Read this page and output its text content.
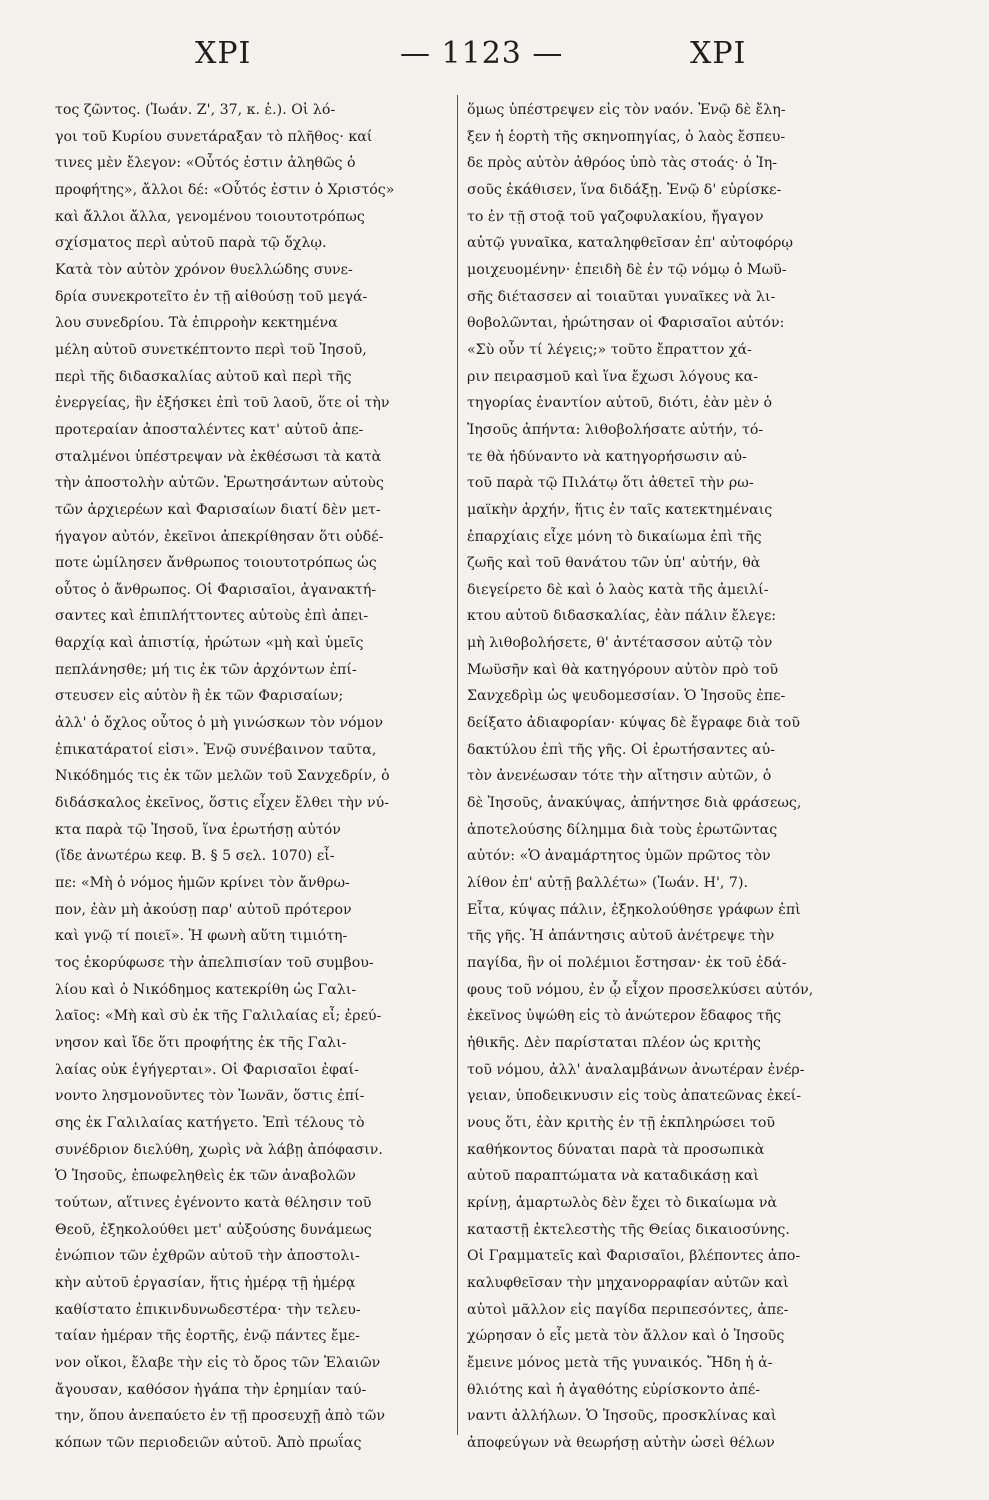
ΧΡΙ	— 1123 —	ΧΡΙ
τος ζῶντος. (Ἰωάν. Ζ', 37, κ. ἑ.). Οἱ λό-
γοι τοῦ Κυρίου συνετάραξαν τὸ πλῆθος· καί
τινες μὲν ἔλεγον: «Οὗτός ἐστιν ἀληθῶς ὁ
προφήτης», ἄλλοι δέ: «Οὗτός ἐστιν ὁ Χριστός»
καὶ ἄλλοι ἄλλα, γενομένου τοιουτοτρόπως
σχίσματος περὶ αὐτοῦ παρὰ τῷ ὄχλῳ.
Κατὰ τὸν αὐτὸν χρόνον θυελλώδης συνε-
δρία συνεκροτεῖτο ἐν τῇ αἰθούσῃ τοῦ μεγά-
λου συνεδρίου. Τὰ ἐπιρροὴν κεκτημένα
μέλη αὐτοῦ συνετκέπτοντο περὶ τοῦ Ἰησοῦ,
περὶ τῆς διδασκαλίας αὐτοῦ καὶ περὶ τῆς
ἐνεργείας, ἣν ἐξήσκει ἐπὶ τοῦ λαοῦ, ὅτε οἱ τὴν
προτεραίαν ἀποσταλέντες κατ' αὐτοῦ ἀπε-
σταλμένοι ὑπέστρεψαν νὰ ἐκθέσωσι τὰ κατὰ
τὴν ἀποστολὴν αὐτῶν. Ἐρωτησάντων αὐτοὺς
τῶν ἀρχιερέων καὶ Φαρισαίων διατί δὲν μετ-
ήγαγον αὐτόν, ἐκεῖνοι ἀπεκρίθησαν ὅτι οὐδέ-
ποτε ὡμίλησεν ἄνθρωπος τοιουτοτρόπως ὡς
οὗτος ὁ ἄνθρωπος. Οἱ Φαρισαῖοι, ἀγανακτή-
σαντες καὶ ἐπιπλήττοντες αὐτοὺς ἐπὶ ἀπει-
θαρχίᾳ καὶ ἀπιστίᾳ, ἠρώτων «μὴ καὶ ὑμεῖς
πεπλάνησθε; μή τις ἐκ τῶν ἀρχόντων ἐπί-
στευσεν εἰς αὐτὸν ἢ ἐκ τῶν Φαρισαίων;
ἀλλ' ὁ ὄχλος οὗτος ὁ μὴ γινώσκων τὸν νόμον
ἐπικατάρατοί εἰσι». Ἐνῷ συνέβαινον ταῦτα,
Νικόδημός τις ἐκ τῶν μελῶν τοῦ Σανχεδρίν, ὁ
διδάσκαλος ἐκεῖνος, ὅστις εἶχεν ἔλθει τὴν νύ-
κτα παρὰ τῷ Ἰησοῦ, ἵνα ἐρωτήσῃ αὐτόν
(ἴδε ἀνωτέρω κεφ. Β. § 5 σελ. 1070) εἶ-
πε: «Μὴ ὁ νόμος ἡμῶν κρίνει τὸν ἄνθρω-
πον, ἐὰν μὴ ἀκούσῃ παρ' αὐτοῦ πρότερον
καὶ γνῷ τί ποιεῖ». Ἡ φωνὴ αὕτη τιμιότη-
τος ἐκορύφωσε τὴν ἀπελπισίαν τοῦ συμβου-
λίου καὶ ὁ Νικόδημος κατεκρίθη ὡς Γαλι-
λαῖος: «Μὴ καὶ σὺ ἐκ τῆς Γαλιλαίας εἶ; ἐρεύ-
νησον καὶ ἴδε ὅτι προφήτης ἐκ τῆς Γαλι-
λαίας οὐκ ἐγήγερται». Οἱ Φαρισαῖοι ἐφαί-
νοντο λησμονοῦντες τὸν Ἰωνᾶν, ὅστις ἐπί-
σης ἐκ Γαλιλαίας κατήγετο. Ἐπὶ τέλους τὸ
συνέδριον διελύθη, χωρὶς νὰ λάβῃ ἀπόφασιν.
Ὁ Ἰησοῦς, ἐπωφεληθεὶς ἐκ τῶν ἀναβολῶν
τούτων, αἵτινες ἐγένοντο κατὰ θέλησιν τοῦ
Θεοῦ, ἐξηκολούθει μετ' αὐξούσης δυνάμεως
ἐνώπιον τῶν ἐχθρῶν αὐτοῦ τὴν ἀποστολι-
κὴν αὐτοῦ ἐργασίαν, ἥτις ἡμέρᾳ τῇ ἡμέρᾳ
καθίστατο ἐπικινδυνωδεστέρα· τὴν τελευ-
ταίαν ἡμέραν τῆς ἑορτῆς, ἐνῷ πάντες ἔμε-
νον οἴκοι, ἔλαβε τὴν εἰς τὸ ὄρος τῶν Ἐλαιῶν
ἄγουσαν, καθόσον ἠγάπα τὴν ἐρημίαν ταύ-
την, ὅπου ἀνεπαύετο ἐν τῇ προσευχῇ ἀπὸ τῶν
κόπων τῶν περιοδειῶν αὐτοῦ. Ἀπὸ πρωΐας
ὅμως ὑπέστρεψεν εἰς τὸν ναόν. Ἐνῷ δὲ ἔλη-
ξεν ἡ ἑορτὴ τῆς σκηνοπηγίας, ὁ λαὸς ἔσπευ-
δε πρὸς αὐτὸν ἀθρόος ὑπὸ τὰς στοάς· ὁ Ἰη-
σοῦς ἐκάθισεν, ἵνα διδάξῃ. Ἐνῷ δ' εὑρίσκε-
το ἐν τῇ στοᾷ τοῦ γαζοφυλακίου, ἤγαγον
αὐτῷ γυναῖκα, καταληφθεῖσαν ἐπ' αὐτοφόρῳ
μοιχευομένην· ἐπειδὴ δὲ ἐν τῷ νόμῳ ὁ Μωϋ-
σῆς διέτασσεν αἱ τοιαῦται γυναῖκες νὰ λι-
θοβολῶνται, ἠρώτησαν οἱ Φαρισαῖοι αὐτόν:
«Σὺ οὖν τί λέγεις;» τοῦτο ἔπραττον χά-
ριν πειρασμοῦ καὶ ἵνα ἔχωσι λόγους κα-
τηγορίας ἐναντίον αὐτοῦ, διότι, ἐὰν μὲν ὁ
Ἰησοῦς ἀπήντα: λιθοβολήσατε αὐτήν, τό-
τε θὰ ἠδύναντο νὰ κατηγορήσωσιν αὐ-
τοῦ παρὰ τῷ Πιλάτῳ ὅτι ἀθετεῖ τὴν ρω-
μαϊκὴν ἀρχήν, ἥτις ἐν ταῖς κατεκτημέναις
ἐπαρχίαις εἶχε μόνη τὸ δικαίωμα ἐπὶ τῆς
ζωῆς καὶ τοῦ θανάτου τῶν ὑπ' αὐτήν, θὰ
διεγείρετο δὲ καὶ ὁ λαὸς κατὰ τῆς ἀμειλί-
κτου αὐτοῦ διδασκαλίας, ἐὰν πάλιν ἔλεγε:
μὴ λιθοβολήσετε, θ' ἀντέτασσον αὐτῷ τὸν
Μωϋσῆν καὶ θὰ κατηγόρουν αὐτὸν πρὸ τοῦ
Σανχεδρὶμ ὡς ψευδομεσσίαν. Ὁ Ἰησοῦς ἐπε-
δείξατο ἀδιαφορίαν· κύψας δὲ ἔγραφε διὰ τοῦ
δακτύλου ἐπὶ τῆς γῆς. Οἱ ἐρωτήσαντες αὐ-
τὸν ἀνενέωσαν τότε τὴν αἴτησιν αὐτῶν, ὁ
δὲ Ἰησοῦς, ἀνακύψας, ἀπήντησε διὰ φράσεως,
ἀποτελούσης δίλημμα διὰ τοὺς ἐρωτῶντας
αὐτόν: «Ὁ ἀναμάρτητος ὑμῶν πρῶτος τὸν
λίθον ἐπ' αὐτῇ βαλλέτω» (Ἰωάν. Η', 7).
Εἶτα, κύψας πάλιν, ἐξηκολούθησε γράφων ἐπὶ
τῆς γῆς. Ἡ ἀπάντησις αὐτοῦ ἀνέτρεψε τὴν
παγίδα, ἣν οἱ πολέμιοι ἔστησαν· ἐκ τοῦ ἐδά-
φους τοῦ νόμου, ἐν ᾧ εἶχον προσελκύσει αὐτόν,
ἐκεῖνος ὑψώθη εἰς τὸ ἀνώτερον ἔδαφος τῆς
ἠθικῆς. Δὲν παρίσταται πλέον ὡς κριτὴς
τοῦ νόμου, ἀλλ' ἀναλαμβάνων ἀνωτέραν ἐνέρ-
γειαν, ὑποδεικνυσιν εἰς τοὺς ἀπατεῶνας ἐκεί-
νους ὅτι, ἐὰν κριτὴς ἐν τῇ ἐκπληρώσει τοῦ
καθήκοντος δύναται παρὰ τὰ προσωπικὰ
αὐτοῦ παραπτώματα νὰ καταδικάσῃ καὶ
κρίνῃ, ἁμαρτωλὸς δὲν ἔχει τὸ δικαίωμα νὰ
καταστῇ ἐκτελεστὴς τῆς Θείας δικαιοσύνης.
Οἱ Γραμματεῖς καὶ Φαρισαῖοι, βλέποντες ἀπο-
καλυφθεῖσαν τὴν μηχανορραφίαν αὐτῶν καὶ
αὐτοὶ μᾶλλον εἰς παγίδα περιπεσόντες, ἀπε-
χώρησαν ὁ εἷς μετὰ τὸν ἄλλον καὶ ὁ Ἰησοῦς
ἔμεινε μόνος μετὰ τῆς γυναικός. Ἤδη ἡ ἀ-
θλιότης καὶ ἡ ἀγαθότης εὑρίσκοντο ἀπέ-
ναντι ἀλλήλων. Ὁ Ἰησοῦς, προσκλίνας καὶ
ἀποφεύγων νὰ θεωρήσῃ αὐτὴν ὡσεὶ θέλων
